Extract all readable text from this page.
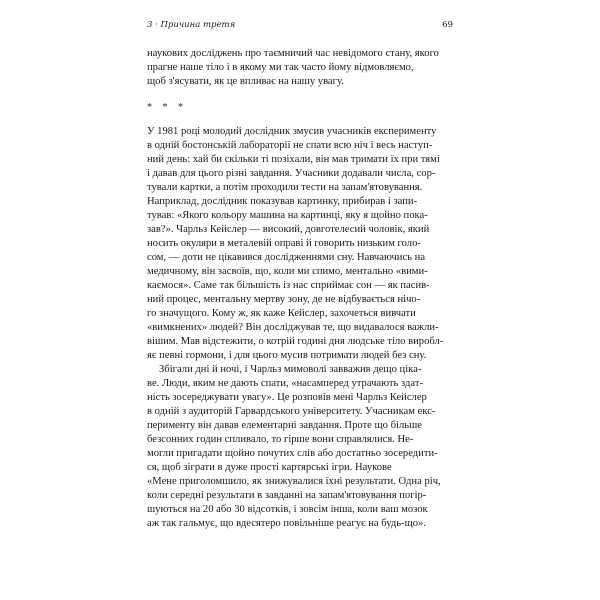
3 · Причина третя	69
наукових досліджень про таємничий час невідомого стану, якого
прагне наше тіло і в якому ми так часто йому відмовляємо,
щоб з'ясувати, як це впливає на нашу увагу.
* * *
У 1981 році молодий дослідник змусив учасників експерименту
в одній бостонській лабораторії не спати всю ніч і весь наступ-
ний день: хай би скільки ті позіхали, він мав тримати їх при тямі
і давав для цього різні завдання. Учасники додавали числа, сор-
тували картки, а потім проходили тести на запам'ятовування.
Наприклад, дослідник показував картинку, прибирав і запи-
тував: «Якого кольору машина на картинці, яку я щойно пока-
зав?». Чарльз Кейслер — високий, довготелесий чоловік, який
носить окуляри в металевій оправі й говорить низьким голо-
сом, — доти не цікавився дослідженнями сну. Навчаючись на
медичному, він засвоїв, що, коли ми спимо, ментально «вими-
каємося». Саме так більшість із нас сприймає сон — як пасив-
ний процес, ментальну мертву зону, де не відбувається нічо-
го значущого. Кому ж, як каже Кейслер, захочеться вивчати
«вимкнених» людей? Він досліджував те, що видавалося важли-
вішим. Мав відстежити, о котрій годині дня людське тіло виробл-
яє певні гормони, і для цього мусив потримати людей без сну.
Збігали дні й ночі, і Чарльз мимоволі завважив дещо ціка-
ве. Люди, яким не дають спати, «насамперед утрачають здат-
ність зосереджувати увагу». Це розповів мені Чарльз Кейслер
в одній з аудиторій Гарвардського університету. Учасникам екс-
перименту він давав елементарні завдання. Проте що більше
безсонних годин спливало, то гірше вони справлялися. Не-
могли пригадати щойно почутих слів або достатньо зосередити-
ся, щоб зіграти в дуже прості картярські ігри. Наукове
«Мене приголомшило, як знижувалися їхні результати. Одна річ,
коли середні результати в завданні на запам'ятовування погір-
шуються на 20 або 30 відсотків, і зовсім інша, коли ваш мозок
аж так гальмує, що вдесятеро повільніше реагує на будь-що».
